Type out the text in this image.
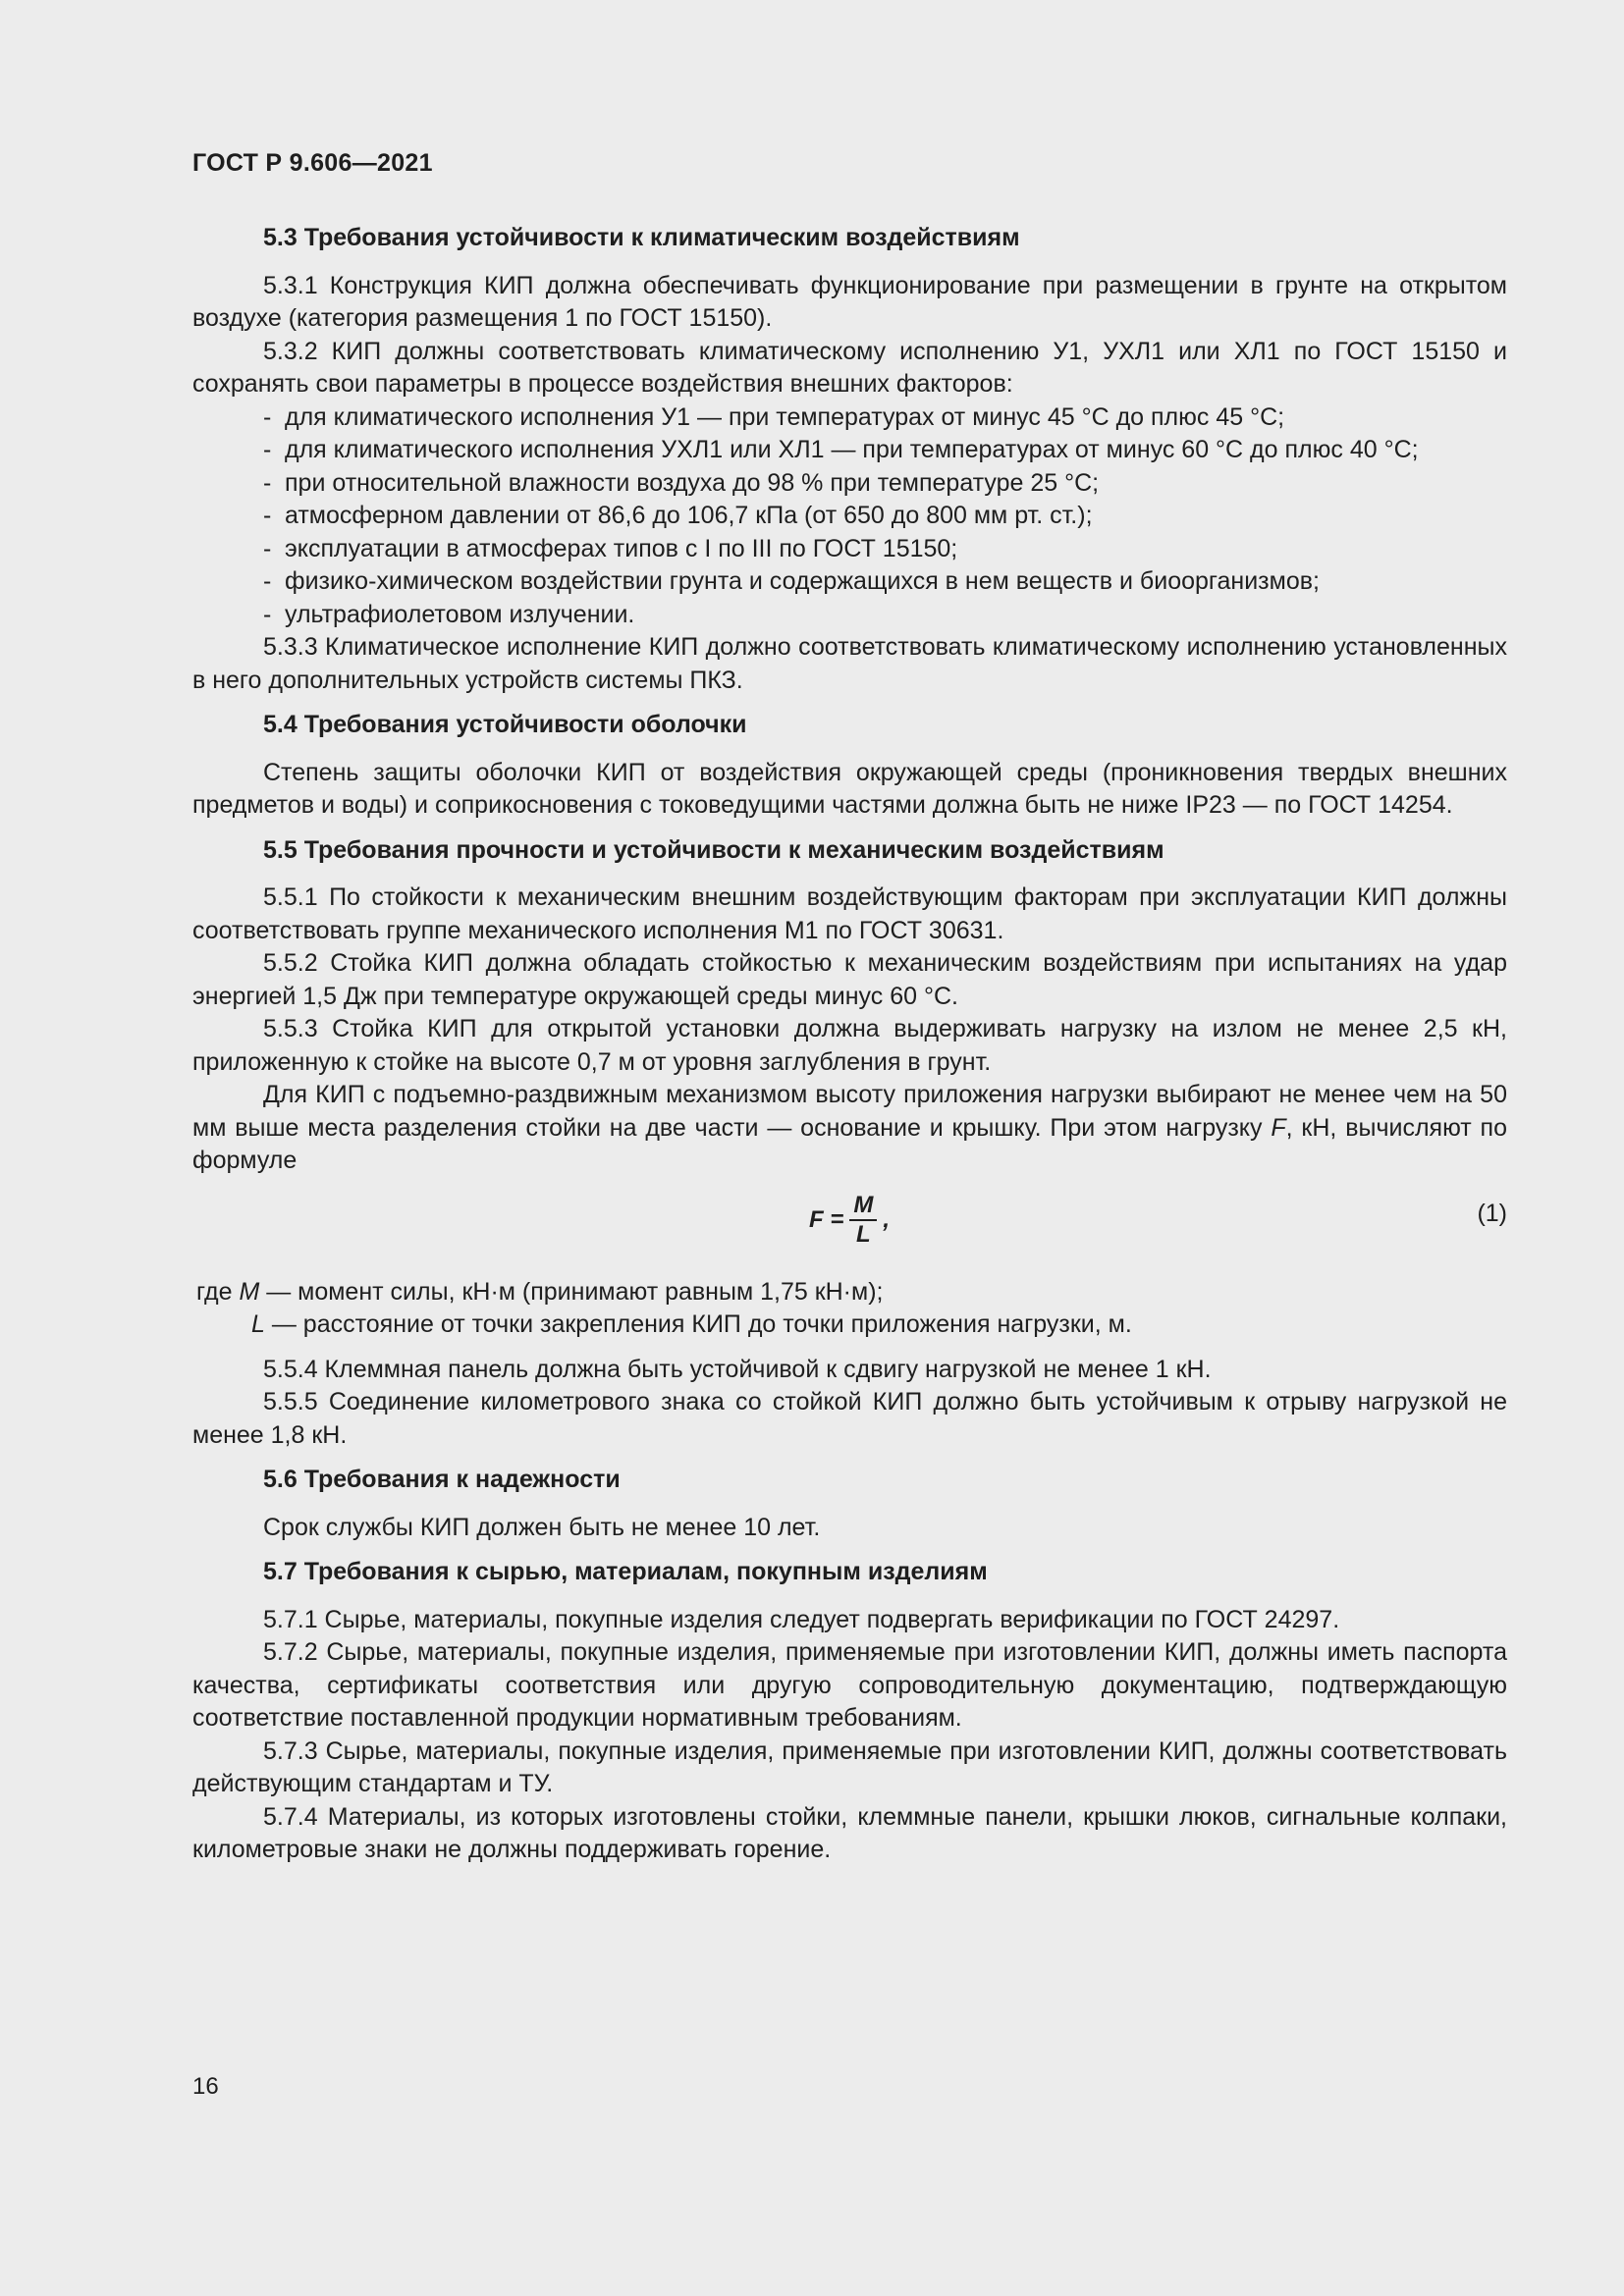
ГОСТ Р 9.606—2021
5.3 Требования устойчивости к климатическим воздействиям

5.3.1 Конструкция КИП должна обеспечивать функционирование при размещении в грунте на открытом воздухе (категория размещения 1 по ГОСТ 15150).

5.3.2 КИП должны соответствовать климатическому исполнению У1, УХЛ1 или ХЛ1 по ГОСТ 15150 и сохранять свои параметры в процессе воздействия внешних факторов:

- для климатического исполнения У1 — при температурах от минус 45 °С до плюс 45 °С;
- для климатического исполнения УХЛ1 или ХЛ1 — при температурах от минус 60 °С до плюс 40 °С;
- при относительной влажности воздуха до 98 % при температуре 25 °С;
- атмосферном давлении от 86,6 до 106,7 кПа (от 650 до 800 мм рт. ст.);
- эксплуатации в атмосферах типов с I по III по ГОСТ 15150;
- физико-химическом воздействии грунта и содержащихся в нем веществ и биоорганизмов;
- ультрафиолетовом излучении.

5.3.3 Климатическое исполнение КИП должно соответствовать климатическому исполнению установленных в него дополнительных устройств системы ПКЗ.

5.4 Требования устойчивости оболочки

Степень защиты оболочки КИП от воздействия окружающей среды (проникновения твердых внешних предметов и воды) и соприкосновения с токоведущими частями должна быть не ниже IP23 — по ГОСТ 14254.

5.5 Требования прочности и устойчивости к механическим воздействиям

5.5.1 По стойкости к механическим внешним воздействующим факторам при эксплуатации КИП должны соответствовать группе механического исполнения М1 по ГОСТ 30631.

5.5.2 Стойка КИП должна обладать стойкостью к механическим воздействиям при испытаниях на удар энергией 1,5 Дж при температуре окружающей среды минус 60 °С.

5.5.3 Стойка КИП для открытой установки должна выдерживать нагрузку на излом не менее 2,5 кН, приложенную к стойке на высоте 0,7 м от уровня заглубления в грунт.

Для КИП с подъемно-раздвижным механизмом высоту приложения нагрузки выбирают не менее чем на 50 мм выше места разделения стойки на две части — основание и крышку. При этом нагрузку F, кН, вычисляют по формуле

$F = \frac{M}{L}$ ,	(1)
где M — момент силы, кН·м (принимают равным 1,75 кН·м);
L — расстояние от точки закрепления КИП до точки приложения нагрузки, м.

5.5.4 Клеммная панель должна быть устойчивой к сдвигу нагрузкой не менее 1 кН.

5.5.5 Соединение километрового знака со стойкой КИП должно быть устойчивым к отрыву нагрузкой не менее 1,8 кН.

5.6 Требования к надежности

Срок службы КИП должен быть не менее 10 лет.

5.7 Требования к сырью, материалам, покупным изделиям

5.7.1 Сырье, материалы, покупные изделия следует подвергать верификации по ГОСТ 24297.

5.7.2 Сырье, материалы, покупные изделия, применяемые при изготовлении КИП, должны иметь паспорта качества, сертификаты соответствия или другую сопроводительную документацию, подтверждающую соответствие поставленной продукции нормативным требованиям.

5.7.3 Сырье, материалы, покупные изделия, применяемые при изготовлении КИП, должны соответствовать действующим стандартам и ТУ.

5.7.4 Материалы, из которых изготовлены стойки, клеммные панели, крышки люков, сигнальные колпаки, километровые знаки не должны поддерживать горение.

16
